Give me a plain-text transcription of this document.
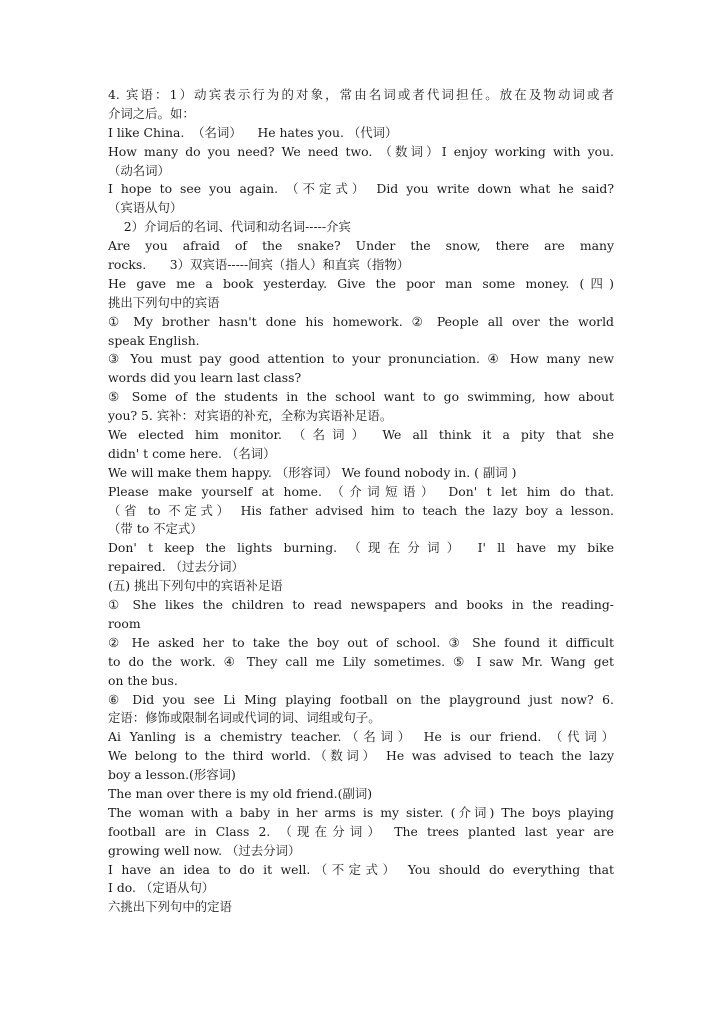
4. 宾语：1）动宾表示行为的对象，常由名词或者代词担任。放在及物动词或者
介词之后。如：
I like China.  （名词）    He hates you. （代词）
How many do you need? We need two. （数词）I enjoy working with you.
（动名词）
I hope to see you again. （不定式） Did you write down what he said?
（宾语从句）
2）介词后的名词、代词和动名词-----介宾
Are you afraid of the snake? Under the snow, there are many
rocks.      3）双宾语-----间宾（指人）和直宾（指物）
He gave me a book yesterday. Give the poor man some money. (四)
挑出下列句中的宾语
① My brother hasn't done his homework. ② People all over the world
speak English.
③ You must pay good attention to your pronunciation. ④ How many new
words did you learn last class?
⑤ Some of the students in the school want to go swimming, how about
you? 5. 宾补：对宾语的补充，全称为宾语补足语。
We elected him monitor. （名词） We all think it a pity that she
didn' t come here. （名词）
We will make them happy. （形容词） We found nobody in. ( 副词 )
Please make yourself at home. （介词短语） Don' t let him do that.
（省 to 不定式） His father advised him to teach the lazy boy a lesson.
（带 to 不定式）
Don' t keep the lights burning. （现在分词） I' ll have my bike
repaired. （过去分词）
(五) 挑出下列句中的宾语补足语
① She likes the children to read newspapers and books in the reading-
room
② He asked her to take the boy out of school. ③ She found it difficult
to do the work. ④ They call me Lily sometimes. ⑤ I saw Mr. Wang get
on the bus.
⑥ Did you see Li Ming playing football on the playground just now? 6.
定语：修饰或限制名词或代词的词、词组或句子。
Ai Yanling is a chemistry teacher.（名词） He is our friend. （代词）
We belong to the third world.（数词） He was advised to teach the lazy
boy a lesson.(形容词)
The man over there is my old friend.(副词)
The woman with a baby in her arms is my sister. (介词) The boys playing
football are in Class 2. （现在分词） The trees planted last year are
growing well now. （过去分词）
I have an idea to do it well.（不定式） You should do everything that
I do. （定语从句）
六挑出下列句中的定语
